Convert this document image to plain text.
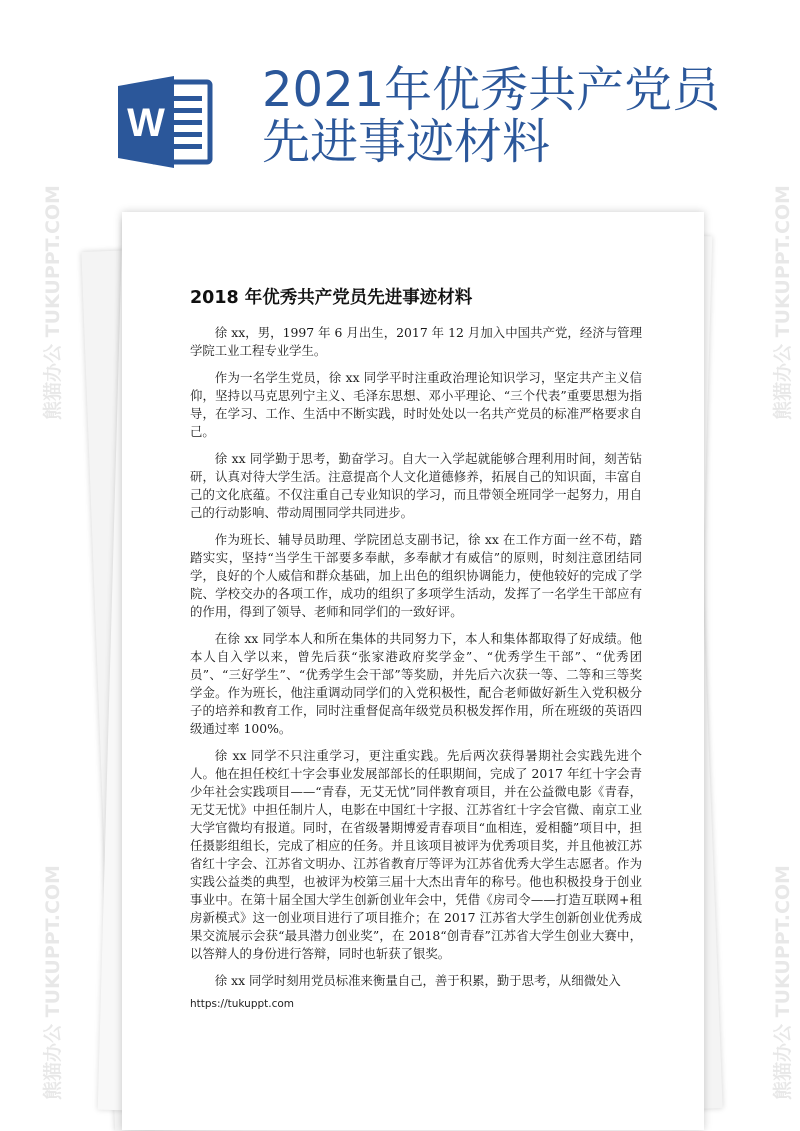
W
2021年优秀共产党员先进事迹材料
2018 年优秀共产党员先进事迹材料

徐 xx，男，1997 年 6 月出生，2017 年 12 月加入中国共产党，经济与管理学院工业工程专业学生。

作为一名学生党员，徐 xx 同学平时注重政治理论知识学习，坚定共产主义信仰，坚持以马克思列宁主义、毛泽东思想、邓小平理论、“三个代表”重要思想为指导，在学习、工作、生活中不断实践，时时处处以一名共产党员的标准严格要求自己。

徐 xx 同学勤于思考，勤奋学习。自大一入学起就能够合理利用时间，刻苦钻研，认真对待大学生活。注意提高个人文化道德修养，拓展自己的知识面，丰富自己的文化底蕴。不仅注重自己专业知识的学习，而且带领全班同学一起努力，用自己的行动影响、带动周围同学共同进步。

作为班长、辅导员助理、学院团总支副书记，徐 xx 在工作方面一丝不苟，踏踏实实，坚持“当学生干部要多奉献，多奉献才有威信”的原则，时刻注意团结同学，良好的个人威信和群众基础，加上出色的组织协调能力，使他较好的完成了学院、学校交办的各项工作，成功的组织了多项学生活动，发挥了一名学生干部应有的作用，得到了领导、老师和同学们的一致好评。

在徐 xx 同学本人和所在集体的共同努力下，本人和集体都取得了好成绩。他本人自入学以来，曾先后获“张家港政府奖学金”、“优秀学生干部”、“优秀团员”、“三好学生”、“优秀学生会干部”等奖励，并先后六次获一等、二等和三等奖学金。作为班长，他注重调动同学们的入党积极性，配合老师做好新生入党积极分子的培养和教育工作，同时注重督促高年级党员积极发挥作用，所在班级的英语四级通过率 100%。

徐 xx 同学不只注重学习，更注重实践。先后两次获得暑期社会实践先进个人。他在担任校红十字会事业发展部部长的任职期间，完成了 2017 年红十字会青少年社会实践项目——“青春，无艾无忧”同伴教育项目，并在公益微电影《青春，无艾无忧》中担任制片人，电影在中国红十字报、江苏省红十字会官微、南京工业大学官微均有报道。同时，在省级暑期博爱青春项目“血相连，爱相髓”项目中，担任摄影组组长，完成了相应的任务。并且该项目被评为优秀项目奖，并且他被江苏省红十字会、江苏省文明办、江苏省教育厅等评为江苏省优秀大学生志愿者。作为实践公益类的典型，也被评为校第三届十大杰出青年的称号。他也积极投身于创业事业中。在第十届全国大学生创新创业年会中，凭借《房司令——打造互联网+租房新模式》这一创业项目进行了项目推介；在 2017 江苏省大学生创新创业优秀成果交流展示会获“最具潜力创业奖”，在 2018“创青春”江苏省大学生创业大赛中，以答辩人的身份进行答辩，同时也斩获了银奖。

徐 xx 同学时刻用党员标准来衡量自己，善于积累，勤于思考，从细微处入

https://tukuppt.com
熊猫办公 TUKUPPT.COM	熊猫办公 TUKUPPT.COM
熊猫办公 TUKUPPT.COM	熊猫办公 TUKUPPT.COM
